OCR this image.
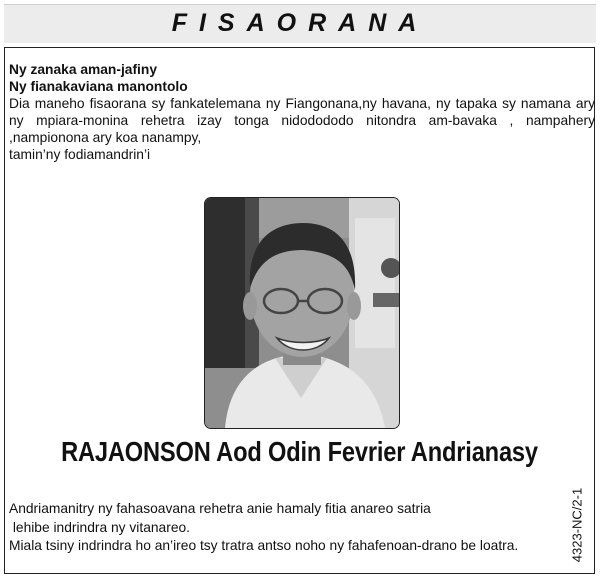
FISAORANA
Ny zanaka aman-jafiny
Ny fianakaviana manontolo
Dia maneho fisaorana sy fankatelemana ny Fiangonana,ny havana, ny tapaka sy namana ary ny mpiara-monina rehetra izay tonga nidodododo nitondra am-bavaka , nampahery ,nampionona ary koa nanampy,
tamin’ny fodiamandrin’i
RAJAONSON Aod Odin Fevrier Andrianasy
Andriamanitry ny fahasoavana rehetra anie hamaly fitia anareo satria
lehibe indrindra ny vitanareo.
Miala tsiny indrindra ho an’ireo tsy tratra antso noho ny fahafenoan-drano be loatra.	4323-NC/2-1
